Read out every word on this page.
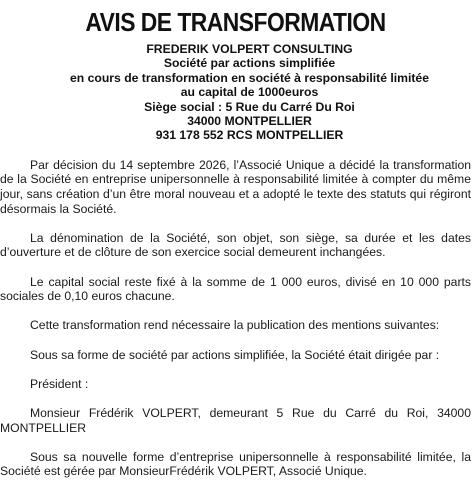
AVIS DE TRANSFORMATION
FREDERIK VOLPERT CONSULTING
Société par actions simplifiée
en cours de transformation en société à responsabilité limitée
au capital de 1000euros
Siège social : 5 Rue du Carré Du Roi
34000 MONTPELLIER
931 178 552 RCS MONTPELLIER

Par décision du 14 septembre 2026, l’Associé Unique a décidé la transformation de la Société en entreprise unipersonnelle à responsabilité limitée à compter du même jour, sans création d’un être moral nouveau et a adopté le texte des statuts qui régiront désormais la Société.

La dénomination de la Société, son objet, son siège, sa durée et les dates d’ouverture et de clôture de son exercice social demeurent inchangées.

Le capital social reste fixé à la somme de 1 000 euros, divisé en 10 000 parts sociales de 0,10 euros chacune.

Cette transformation rend nécessaire la publication des mentions suivantes:

Sous sa forme de société par actions simplifiée, la Société était dirigée par :

Président :

Monsieur Frédérik VOLPERT, demeurant 5 Rue du Carré du Roi, 34000 MONTPELLIER

Sous sa nouvelle forme d’entreprise unipersonnelle à responsabilité limitée, la Société est gérée par MonsieurFrédérik VOLPERT, Associé Unique.
